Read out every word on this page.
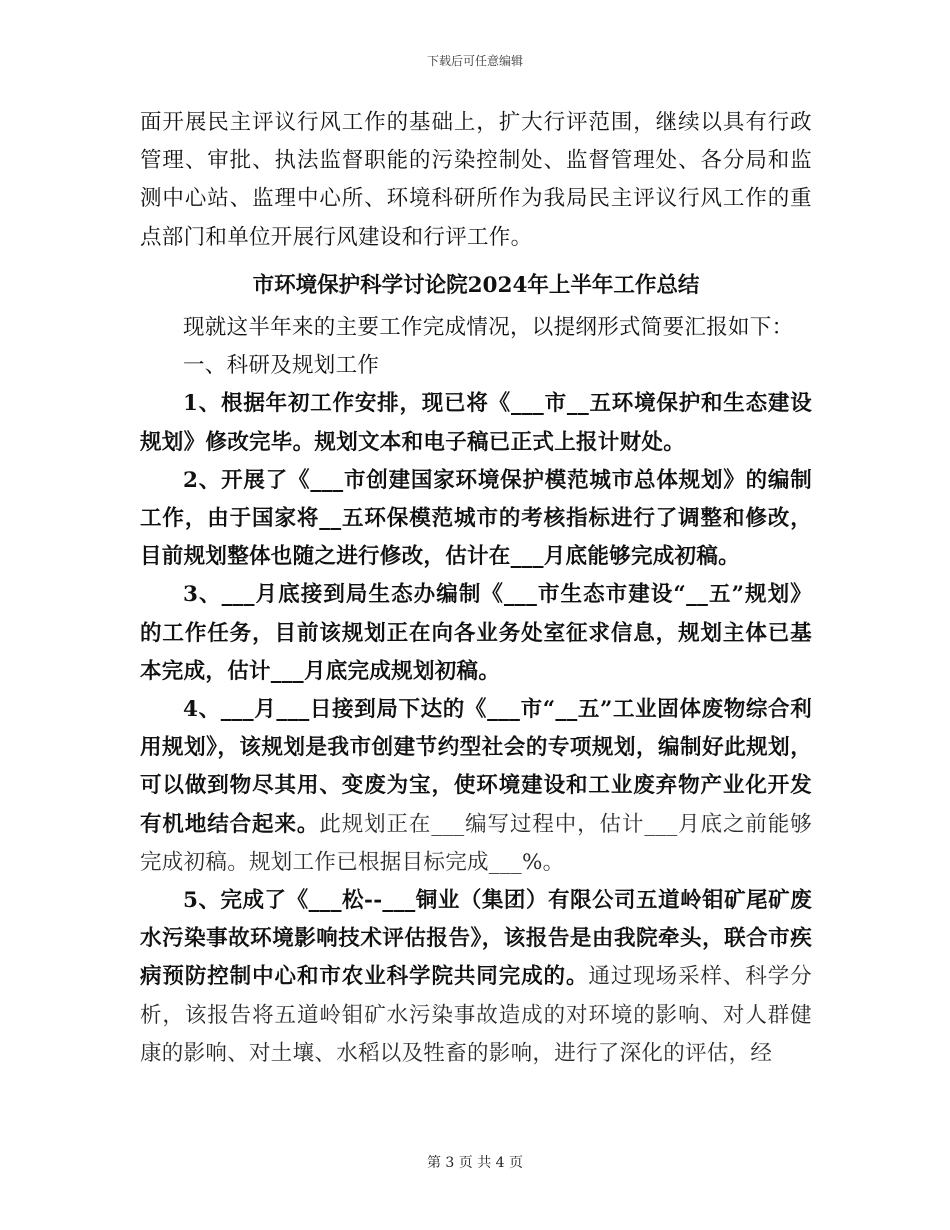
下载后可任意编辑

面开展民主评议行风工作的基础上，扩大行评范围，继续以具有行政管理、审批、执法监督职能的污染控制处、监督管理处、各分局和监测中心站、监理中心所、环境科研所作为我局民主评议行风工作的重点部门和单位开展行风建设和行评工作。

市环境保护科学讨论院2024年上半年工作总结

现就这半年来的主要工作完成情况，以提纲形式简要汇报如下：

一、科研及规划工作

1、根据年初工作安排，现已将《___市__五环境保护和生态建设规划》修改完毕。规划文本和电子稿已正式上报计财处。

2、开展了《___市创建国家环境保护模范城市总体规划》的编制工作，由于国家将__五环保模范城市的考核指标进行了调整和修改，目前规划整体也随之进行修改，估计在___月底能够完成初稿。

3、___月底接到局生态办编制《___市生态市建设“__五”规划》的工作任务，目前该规划正在向各业务处室征求信息，规划主体已基本完成，估计___月底完成规划初稿。

4、___月___日接到局下达的《___市“__五”工业固体废物综合利用规划》，该规划是我市创建节约型社会的专项规划，编制好此规划，可以做到物尽其用、变废为宝，使环境建设和工业废弃物产业化开发有机地结合起来。此规划正在___编写过程中，估计___月底之前能够完成初稿。规划工作已根据目标完成___%。

5、完成了《___松--___铜业（集团）有限公司五道岭钼矿尾矿废水污染事故环境影响技术评估报告》，该报告是由我院牵头，联合市疾病预防控制中心和市农业科学院共同完成的。通过现场采样、科学分析，该报告将五道岭钼矿水污染事故造成的对环境的影响、对人群健康的影响、对土壤、水稻以及牲畜的影响，进行了深化的评估，经

第 3 页 共 4 页
